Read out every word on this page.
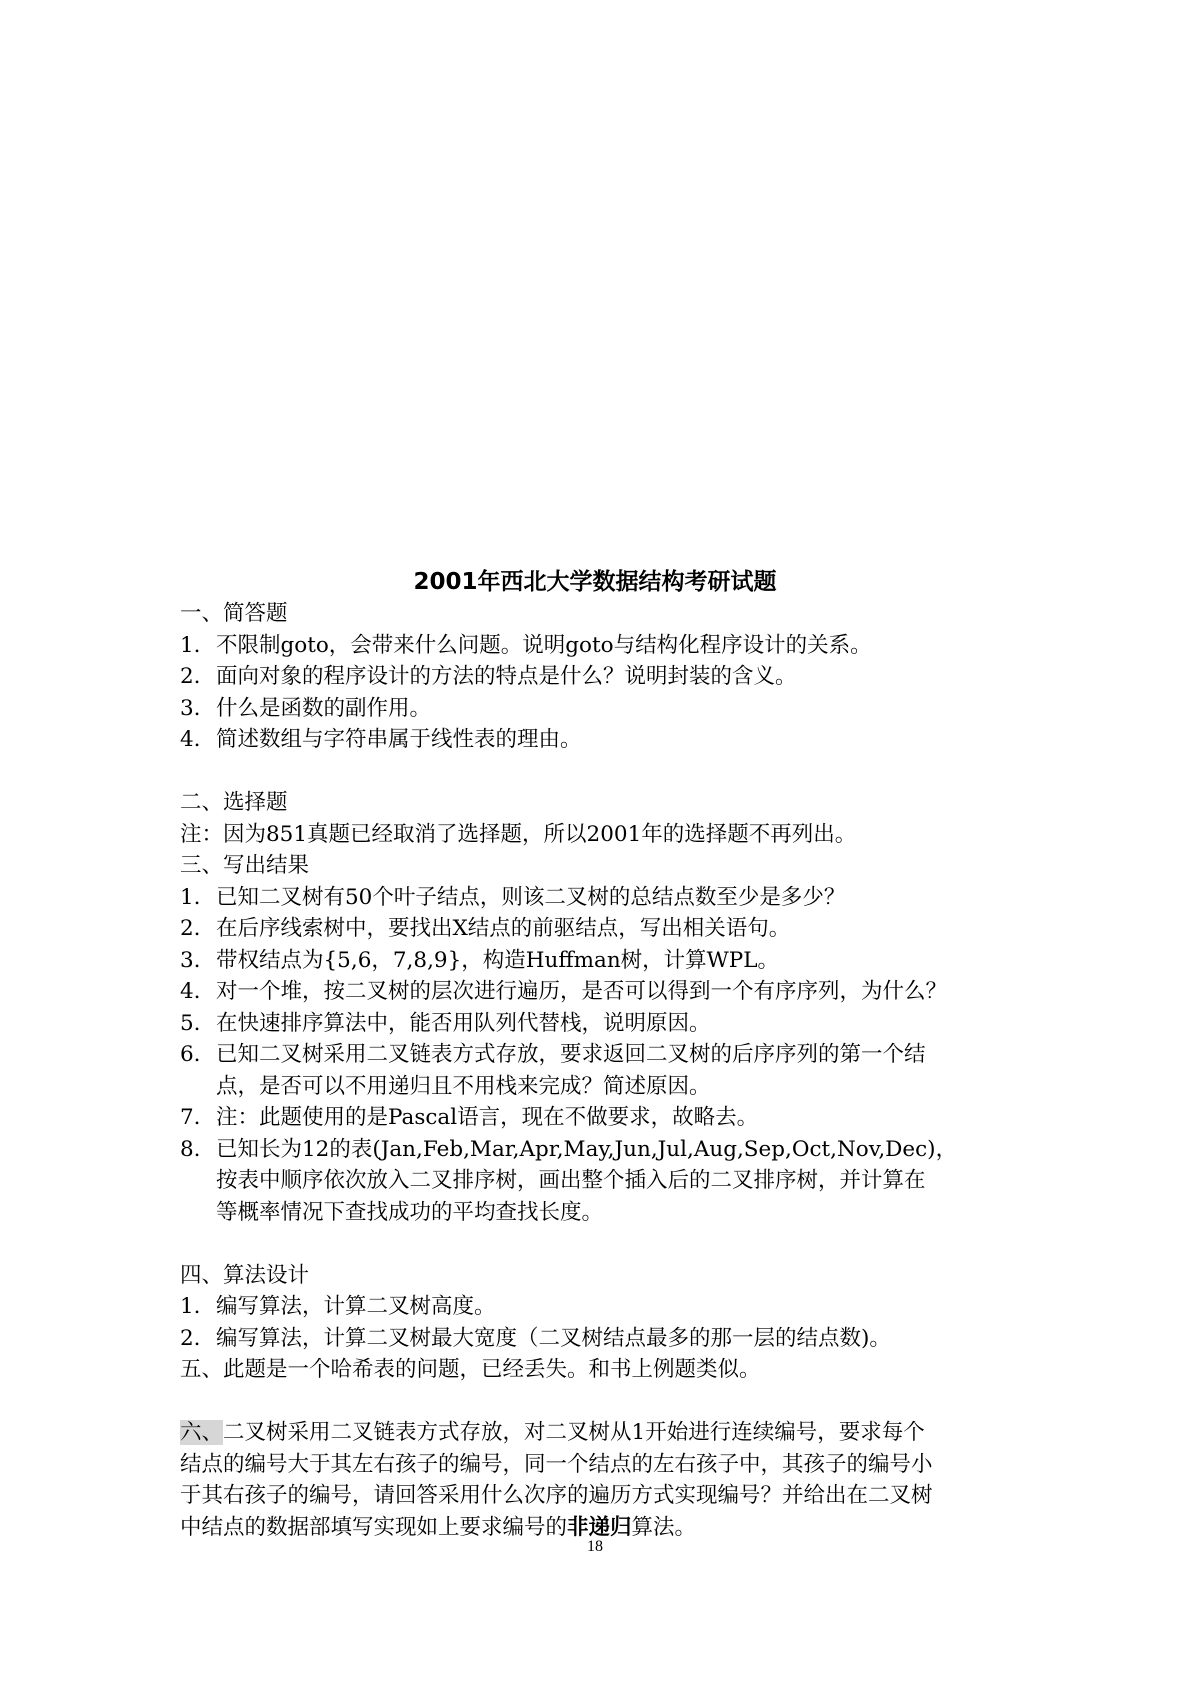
2001年西北大学数据结构考研试题
一、简答题
1. 不限制goto，会带来什么问题。说明goto与结构化程序设计的关系。
2. 面向对象的程序设计的方法的特点是什么？说明封装的含义。
3. 什么是函数的副作用。
4. 简述数组与字符串属于线性表的理由。
二、选择题
注：因为851真题已经取消了选择题，所以2001年的选择题不再列出。
三、写出结果
1. 已知二叉树有50个叶子结点，则该二叉树的总结点数至少是多少？
2. 在后序线索树中，要找出X结点的前驱结点，写出相关语句。
3. 带权结点为{5,6，7,8,9}，构造Huffman树，计算WPL。
4. 对一个堆，按二叉树的层次进行遍历，是否可以得到一个有序序列，为什么？
5. 在快速排序算法中，能否用队列代替栈，说明原因。
6. 已知二叉树采用二叉链表方式存放，要求返回二叉树的后序序列的第一个结
点，是否可以不用递归且不用栈来完成？简述原因。
7. 注：此题使用的是Pascal语言，现在不做要求，故略去。
8. 已知长为12的表(Jan,Feb,Mar,Apr,May,Jun,Jul,Aug,Sep,Oct,Nov,Dec)，
按表中顺序依次放入二叉排序树，画出整个插入后的二叉排序树，并计算在
等概率情况下查找成功的平均查找长度。
四、算法设计
1. 编写算法，计算二叉树高度。
2. 编写算法，计算二叉树最大宽度（二叉树结点最多的那一层的结点数)。
五、此题是一个哈希表的问题，已经丢失。和书上例题类似。
六、二叉树采用二叉链表方式存放，对二叉树从1开始进行连续编号，要求每个
结点的编号大于其左右孩子的编号，同一个结点的左右孩子中，其孩子的编号小
于其右孩子的编号，请回答采用什么次序的遍历方式实现编号？并给出在二叉树
中结点的数据部填写实现如上要求编号的非递归算法。
18
